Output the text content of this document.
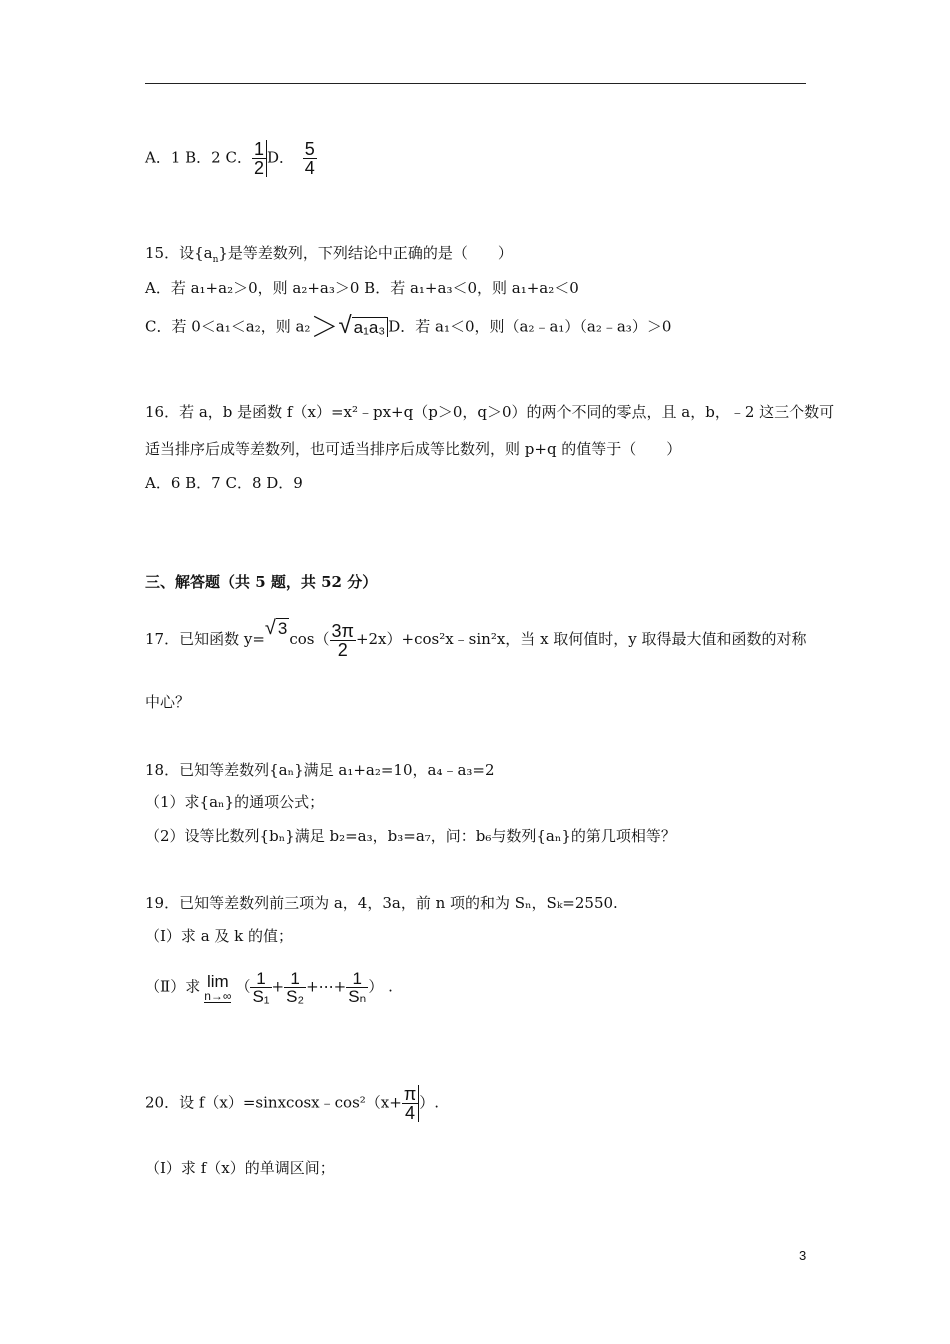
A．1 B．2 C． $\frac{1}{2}$ D． $\frac{5}{4}$
15．设$\{a_n\}$是等差数列，下列结论中正确的是（　　）
A．若 a₁+a₂＞0，则 a₂+a₃＞0 B．若 a₁+a₃＜0，则 a₁+a₂＜0
C．若 0＜a₁＜a₂，则 a₂＞√ a₁a₃ D．若 a₁＜0，则（a₂﹣a₁）（a₂﹣a₃）＞0
16．若 a，b 是函数 f（x）=x²﹣px+q（p＞0，q＞0）的两个不同的零点，且 a，b，﹣2 这三个数可
适当排序后成等差数列，也可适当排序后成等比数列，则 p+q 的值等于（　　）
A．6 B．7 C．8 D．9
三、解答题（共 5 题，共 52 分）
17．已知函数 y=√ $3\cos( \frac{3\pi}{2}$ +2x）+cos²x﹣sin²x，当 x 取何值时，y 取得最大值和函数的对称
中心？
18．已知等差数列{aₙ}满足 a₁+a₂=10，a₄﹣a₃=2
（1）求{aₙ}的通项公式；
（2）设等比数列{bₙ}满足 b₂=a₃，b₃=a₇，问：b₆与数列{aₙ}的第几项相等？
19．已知等差数列前三项为 a，4，3a，前 n 项的和为 Sₙ，Sₖ=2550.
（Ⅰ）求 a 及 k 的值；
（Ⅱ）求 lim
n→∞ （ $\frac{1}{\text{S₁}} + \frac{1}{\text{S₂}}$ +⋯+ $\frac{1}{\text{Sₙ}}$ ） .
20．设 f（x）=sinxcosx﹣cos²（x+ $\frac{\pi}{4}$ ）.
（Ⅰ）求 f（x）的单调区间；
3
